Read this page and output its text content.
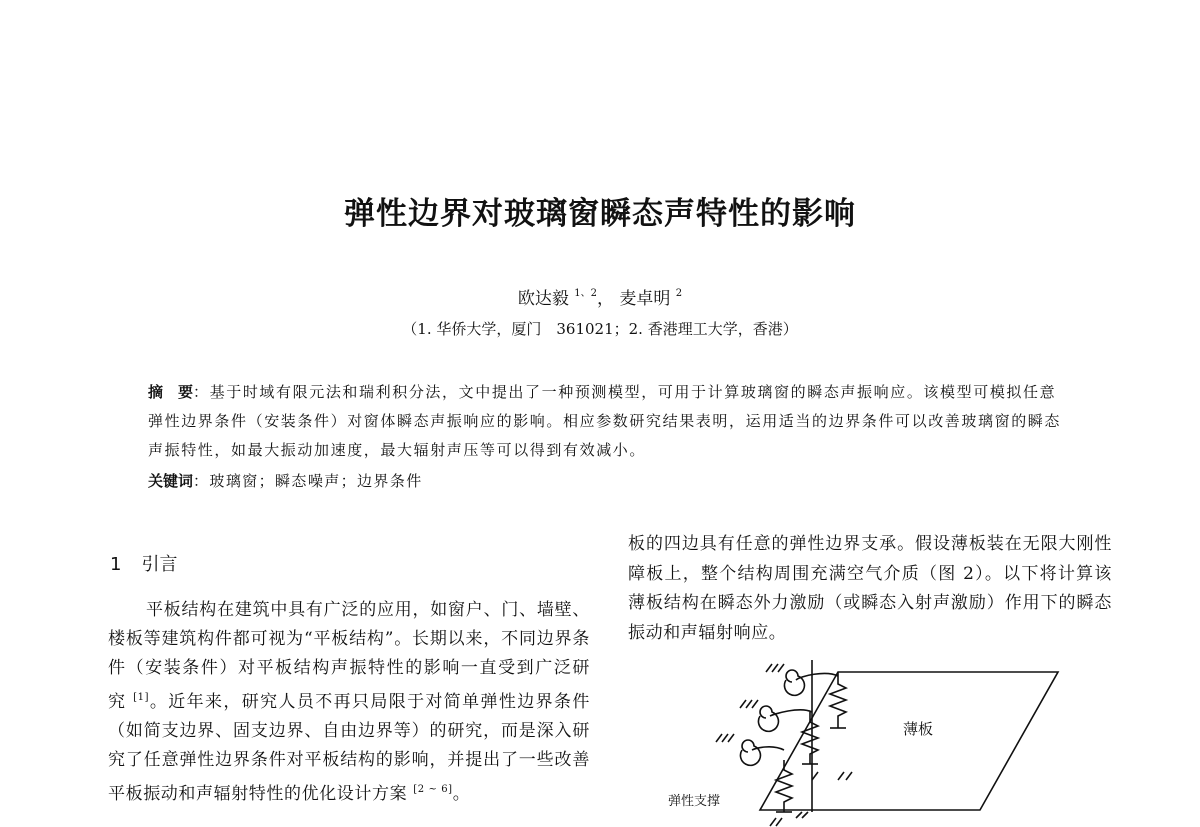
弹性边界对玻璃窗瞬态声特性的影响
欧达毅 $^{1、2}$， 麦卓明 $^2$
（1. 华侨大学，厦门　361021；2. 香港理工大学，香港）
摘　要：基于时域有限元法和瑞利积分法，文中提出了一种预测模型，可用于计算玻璃窗的瞬态声振响应。该模型可模拟任意弹性边界条件（安装条件）对窗体瞬态声振响应的影响。相应参数研究结果表明，运用适当的边界条件可以改善玻璃窗的瞬态声振特性，如最大振动加速度，最大辐射声压等可以得到有效减小。
关键词：玻璃窗；瞬态噪声；边界条件
1 引言

平板结构在建筑中具有广泛的应用，如窗户、门、墙壁、楼板等建筑构件都可视为“平板结构”。长期以来，不同边界条件（安装条件）对平板结构声振特性的影响一直受到广泛研究 [1]。近年来，研究人员不再只局限于对简单弹性边界条件（如简支边界、固支边界、自由边界等）的研究，而是深入研究了任意弹性边界条件对平板结构的影响，并提出了一些改善平板振动和声辐射特性的优化设计方案 [2 ~ 6]。

板的四边具有任意的弹性边界支承。假设薄板装在无限大刚性障板上，整个结构周围充满空气介质（图 2）。以下将计算该薄板结构在瞬态外力激励（或瞬态入射声激励）作用下的瞬态振动和声辐射响应。

薄板
弹性支撑
